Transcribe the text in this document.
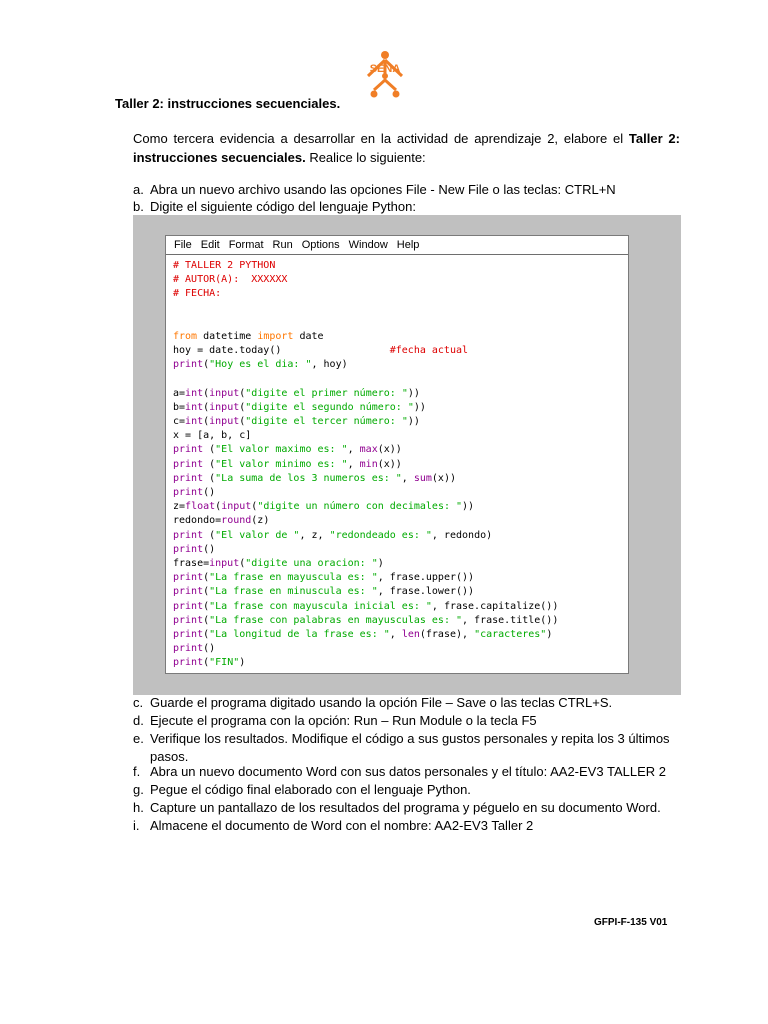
SENA
Taller 2: instrucciones secuenciales.
Como tercera evidencia a desarrollar en la actividad de aprendizaje 2, elabore el Taller 2: instrucciones secuenciales. Realice lo siguiente:
a. Abra un nuevo archivo usando las opciones File - New File o las teclas: CTRL+N
b. Digite el siguiente código del lenguaje Python:
File Edit Format Run Options Window Help
# TALLER 2 PYTHON
# AUTOR(A):  XXXXXX
# FECHA:
from datetime import date
hoy = date.today()                  #fecha actual
print("Hoy es el dia: ", hoy)
a=int(input("digite el primer número: "))
b=int(input("digite el segundo número: "))
c=int(input("digite el tercer número: "))
x = [a, b, c]
print ("El valor maximo es: ", max(x))
print ("El valor minimo es: ", min(x))
print ("La suma de los 3 numeros es: ", sum(x))
print()
z=float(input("digite un número con decimales: "))
redondo=round(z)
print ("El valor de ", z, "redondeado es: ", redondo)
print()
frase=input("digite una oracion: ")
print("La frase en mayuscula es: ", frase.upper())
print("La frase en minuscula es: ", frase.lower())
print("La frase con mayuscula inicial es: ", frase.capitalize())
print("La frase con palabras en mayusculas es: ", frase.title())
print("La longitud de la frase es: ", len(frase), "caracteres")
print()
print("FIN")
c. Guarde el programa digitado usando la opción File – Save o las teclas CTRL+S.
d. Ejecute el programa con la opción: Run – Run Module o la tecla F5
e. Verifique los resultados. Modifique el código a sus gustos personales y repita los 3 últimos pasos.
f. Abra un nuevo documento Word con sus datos personales y el título: AA2-EV3 TALLER 2
g. Pegue el código final elaborado con el lenguaje Python.
h. Capture un pantallazo de los resultados del programa y péguelo en su documento Word.
i. Almacene el documento de Word con el nombre: AA2-EV3 Taller 2
GFPI-F-135 V01
